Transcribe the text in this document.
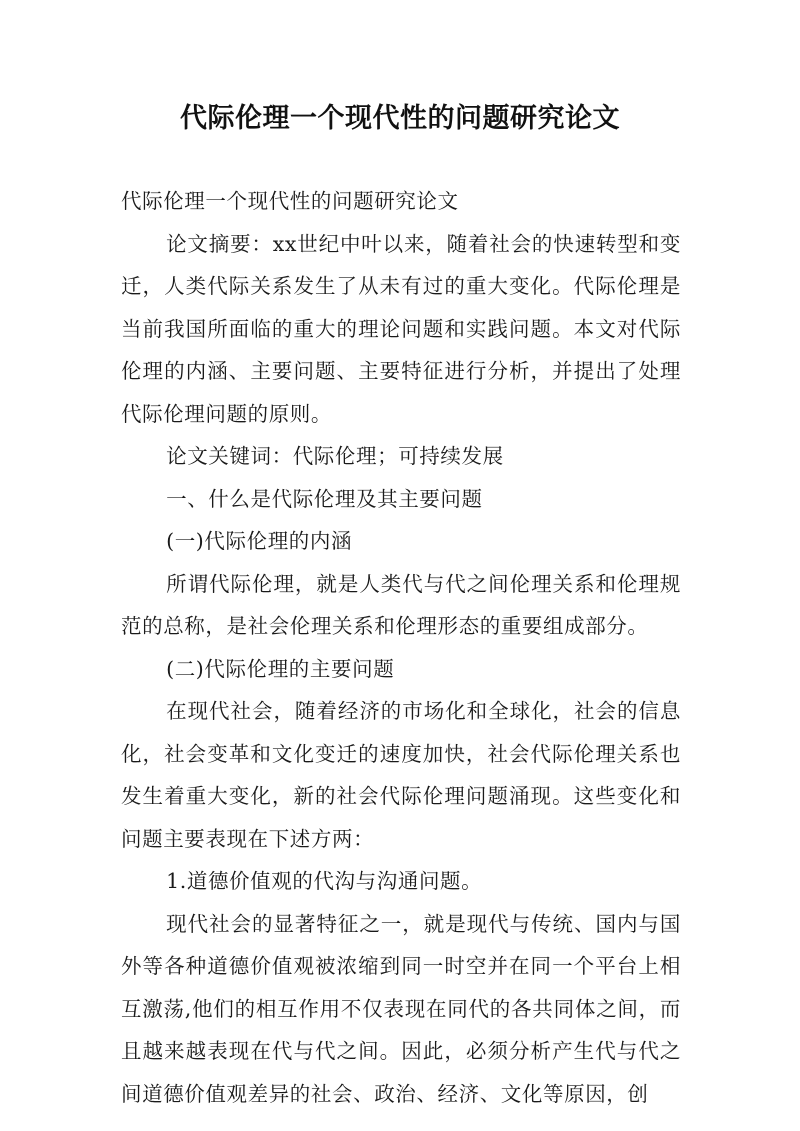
代际伦理一个现代性的问题研究论文

代际伦理一个现代性的问题研究论文

论文摘要：xx世纪中叶以来，随着社会的快速转型和变迁，人类代际关系发生了从未有过的重大变化。代际伦理是当前我国所面临的重大的理论问题和实践问题。本文对代际伦理的内涵、主要问题、主要特征进行分析，并提出了处理代际伦理问题的原则。

论文关键词：代际伦理；可持续发展

一、什么是代际伦理及其主要问题

(一)代际伦理的内涵

所谓代际伦理，就是人类代与代之间伦理关系和伦理规范的总称，是社会伦理关系和伦理形态的重要组成部分。

(二)代际伦理的主要问题

在现代社会，随着经济的市场化和全球化，社会的信息化，社会变革和文化变迁的速度加快，社会代际伦理关系也发生着重大变化，新的社会代际伦理问题涌现。这些变化和问题主要表现在下述方两：

1.道德价值观的代沟与沟通问题。

现代社会的显著特征之一，就是现代与传统、国内与国外等各种道德价值观被浓缩到同一时空并在同一个平台上相互激荡,他们的相互作用不仅表现在同代的各共同体之间，而且越来越表现在代与代之间。因此，必须分析产生代与代之间道德价值观差异的社会、政治、经济、文化等原因，创
